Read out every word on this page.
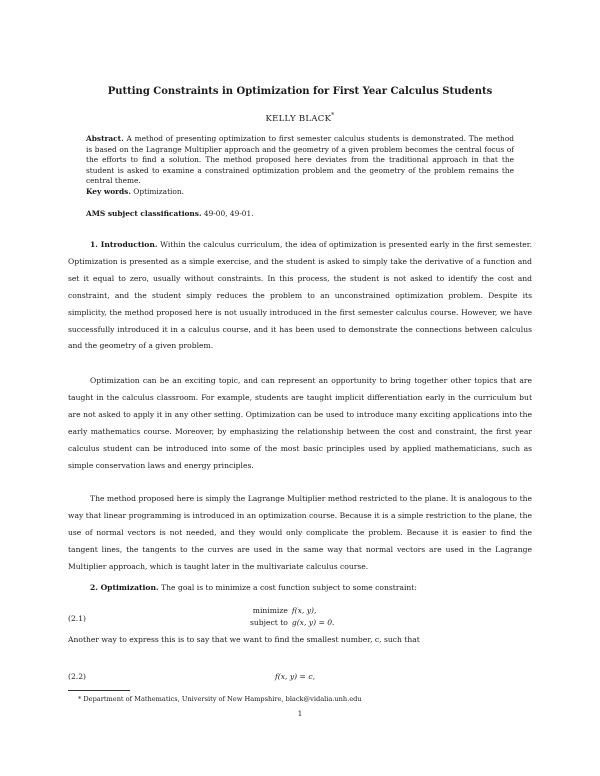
Putting Constraints in Optimization for First Year Calculus Students
KELLY BLACK*
Abstract. A method of presenting optimization to first semester calculus students is demonstrated. The method is based on the Lagrange Multiplier approach and the geometry of a given problem becomes the central focus of the efforts to find a solution. The method proposed here deviates from the traditional approach in that the student is asked to examine a constrained optimization problem and the geometry of the problem remains the central theme.
Key words. Optimization.
AMS subject classifications. 49-00, 49-01.

1. Introduction. Within the calculus curriculum, the idea of optimization is presented early in the first semester. Optimization is presented as a simple exercise, and the student is asked to simply take the derivative of a function and set it equal to zero, usually without constraints. In this process, the student is not asked to identify the cost and constraint, and the student simply reduces the problem to an unconstrained optimization problem. Despite its simplicity, the method proposed here is not usually introduced in the first semester calculus course. However, we have successfully introduced it in a calculus course, and it has been used to demonstrate the connections between calculus and the geometry of a given problem.

Optimization can be an exciting topic, and can represent an opportunity to bring together other topics that are taught in the calculus classroom. For example, students are taught implicit differentiation early in the curriculum but are not asked to apply it in any other setting. Optimization can be used to introduce many exciting applications into the early mathematics course. Moreover, by emphasizing the relationship between the cost and constraint, the first year calculus student can be introduced into some of the most basic principles used by applied mathematicians, such as simple conservation laws and energy principles.

The method proposed here is simply the Lagrange Multiplier method restricted to the plane. It is analogous to the way that linear programming is introduced in an optimization course. Because it is a simple restriction to the plane, the use of normal vectors is not needed, and they would only complicate the problem. Because it is easier to find the tangent lines, the tangents to the curves are used in the same way that normal vectors are used in the Lagrange Multiplier approach, which is taught later in the multivariate calculus course.

2. Optimization. The goal is to minimize a cost function subject to some constraint:

(2.1)
minimize	f(x, y),
subject to	g(x, y) = 0.
Another way to express this is to say that we want to find the smallest number, c, such that
(2.2)	f(x, y) = c,
* Department of Mathematics, University of New Hampshire, black@vidalia.unh.edu
1
